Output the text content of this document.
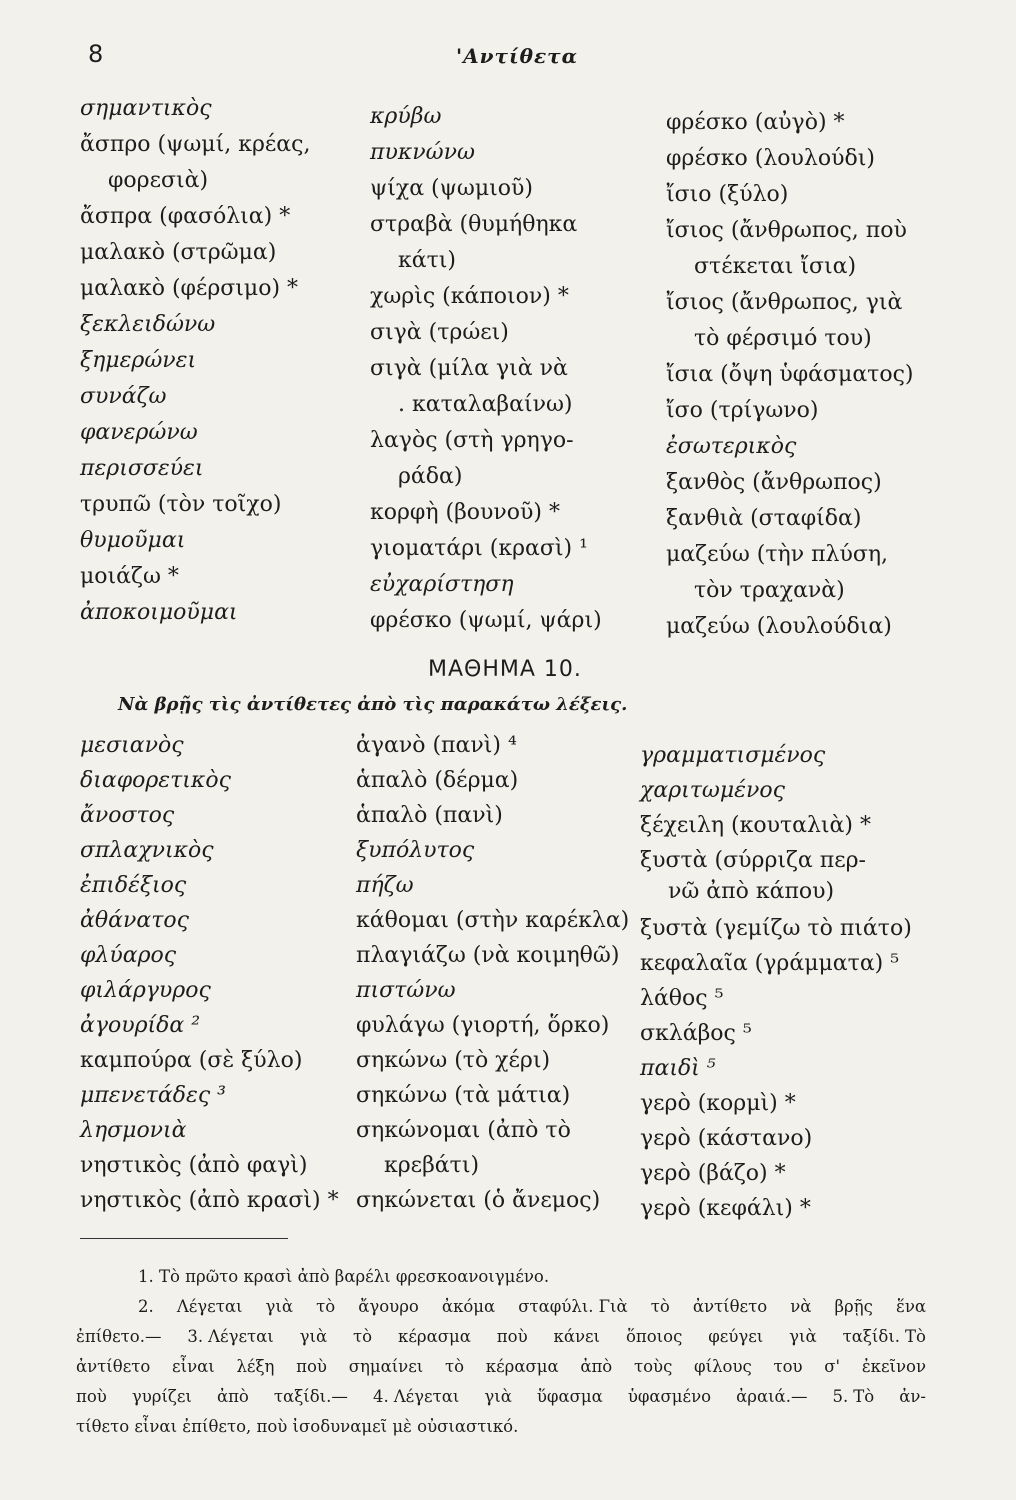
8	'Αντίθετα
σημαντικὸς
ἄσπρο (ψωμί, κρέας,
φορεσιὰ)
ἄσπρα (φασόλια) *
μαλακὸ (στρῶμα)
μαλακὸ (φέρσιμο) *
ξεκλειδώνω
ξημερώνει
συνάζω
φανερώνω
περισσεύει
τρυπῶ (τὸν τοῖχο)
θυμοῦμαι
μοιάζω *
ἀποκοιμοῦμαι
κρύβω
πυκνώνω
ψίχα (ψωμιοῦ)
στραβὰ (θυμήθηκα
κάτι)
χωρὶς (κάποιον) *
σιγὰ (τρώει)
σιγὰ (μίλα γιὰ νὰ
. καταλαβαίνω)
λαγὸς (στὴ γρηγο-
ράδα)
κορφὴ (βουνοῦ) *
γιοματάρι (κρασὶ) ¹
εὐχαρίστηση
φρέσκο (ψωμί, ψάρι)
φρέσκο (αὐγὸ) *
φρέσκο (λουλούδι)
ἴσιο (ξύλο)
ἴσιος (ἄνθρωπος, ποὺ
στέκεται ἴσια)
ἴσιος (ἄνθρωπος, γιὰ
τὸ φέρσιμό του)
ἴσια (ὄψη ὑφάσματος)
ἴσο (τρίγωνο)
ἐσωτερικὸς
ξανθὸς (ἄνθρωπος)
ξανθιὰ (σταφίδα)
μαζεύω (τὴν πλύση,
τὸν τραχανὰ)
μαζεύω (λουλούδια)
ΜΑΘΗΜΑ 10.
Νὰ βρῇς τὶς ἀντίθετες ἀπὸ τὶς παρακάτω λέξεις.
μεσιανὸς
διαφορετικὸς
ἄνοστος
σπλαχνικὸς
ἐπιδέξιος
ἀθάνατος
φλύαρος
φιλάργυρος
ἀγουρίδα ²
καμπούρα (σὲ ξύλο)
μπενετάδες ³
λησμονιὰ
νηστικὸς (ἀπὸ φαγὶ)
νηστικὸς (ἀπὸ κρασὶ) *
ἀγανὸ (πανὶ) ⁴
ἁπαλὸ (δέρμα)
ἁπαλὸ (πανὶ)
ξυπόλυτος
πήζω
κάθομαι (στὴν καρέκλα)
πλαγιάζω (νὰ κοιμηθῶ)
πιστώνω
φυλάγω (γιορτή, ὅρκο)
σηκώνω (τὸ χέρι)
σηκώνω (τὰ μάτια)
σηκώνομαι (ἀπὸ τὸ
κρεβάτι)
σηκώνεται (ὁ ἄνεμος)
γραμματισμένος
χαριτωμένος
ξέχειλη (κουταλιὰ) *
ξυστὰ (σύρριζα περ-
νῶ ἀπὸ κάπου)
ξυστὰ (γεμίζω τὸ πιάτο)
κεφαλαῖα (γράμματα) ⁵
λάθος ⁵
σκλάβος ⁵
παιδὶ ⁵
γερὸ (κορμὶ) *
γερὸ (κάστανο)
γερὸ (βάζο) *
γερὸ (κεφάλι) *

1. Τὸ πρῶτο κρασὶ ἀπὸ βαρέλι φρεσκοανοιγμένο.

2. Λέγεται γιὰ τὸ ἄγουρο ἀκόμα σταφύλι. Γιὰ τὸ ἀντίθετο νὰ βρῇς ἕνα

ἐπίθετο.— 3. Λέγεται γιὰ τὸ κέρασμα ποὺ κάνει ὅποιος φεύγει γιὰ ταξίδι. Τὸ

ἀντίθετο εἶναι λέξη ποὺ σημαίνει τὸ κέρασμα ἀπὸ τοὺς φίλους του σ' ἐκεῖνον

ποὺ γυρίζει ἀπὸ ταξίδι.— 4. Λέγεται γιὰ ὕφασμα ὑφασμένο ἀραιά.— 5. Τὸ ἀν-

τίθετο εἶναι ἐπίθετο, ποὺ ἰσοδυναμεῖ μὲ οὐσιαστικό.
